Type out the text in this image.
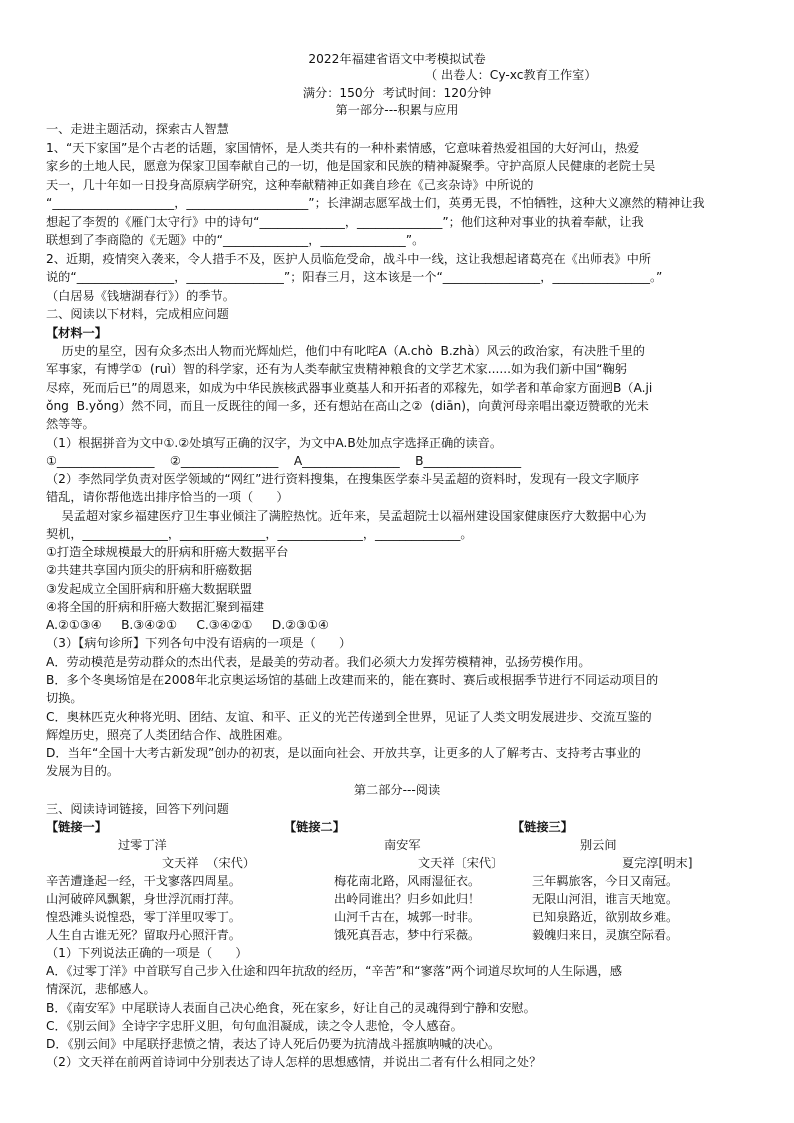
2022年福建省语文中考模拟试卷
（ 出卷人：Cy-xc教育工作室）
满分：150分  考试时间：120分钟
第一部分---积累与应用
一、走进主题活动，探索古人智慧
1、“天下家国”是个古老的话题，家国情怀，是人类共有的一种朴素情感，它意味着热爱祖国的大好河山，热爱
家乡的土地人民，愿意为保家卫国奉献自己的一切，他是国家和民族的精神凝聚季。守护高原人民健康的老院士吴
天一，几十年如一日投身高原病学研究，这种奉献精神正如龚自珍在《己亥杂诗》中所说的
“____________________，____________________”；长津湖志愿军战士们，英勇无畏，不怕牺牲，这种大义凛然的精神让我
想起了李贺的《雁门太守行》中的诗句“______________，______________”；他们这种对事业的执着奉献，让我
联想到了李商隐的《无题》中的“______________，______________”。
2、近期，疫情突入袭来，令人措手不及，医护人员临危受命，战斗中一线，这让我想起诸葛亮在《出师表》中所
说的“________________，________________”；阳春三月，这本该是一个“________________，________________。”
（白居易《钱塘湖春行》）的季节。
二、阅读以下材料，完成相应问题
【材料一】
历史的星空，因有众多杰出人物而光辉灿烂，他们中有叱咤A（A.chò  B.zhà）风云的政治家，有决胜千里的
军事家，有博学①  (ruì）智的科学家，还有为人类奉献宝贵精神粮食的文学艺术家......如为我们新中国“鞠躬
尽瘁，死而后已”的周恩来，如成为中华民族核武器事业奠基人和开拓者的邓稼先，如学者和革命家方面迥B（A.ji
ǒng  B.yǒng）然不同，而且一反既往的闻一多，还有想站在高山之②  (diān)，向黄河母亲唱出豪迈赞歌的光未
然等等。
（1）根据拼音为文中①.②处填写正确的汉字，为文中A.B处加点字选择正确的读音。
①________________    ②________________    A________________    B________________
（2）李然同学负责对医学领域的“网红”进行资料搜集，在搜集医学泰斗吴孟超的资料时，发现有一段文字顺序
错乱，请你帮他选出排序恰当的一项（      ）
吴孟超对家乡福建医疗卫生事业倾注了满腔热忱。近年来，吴孟超院士以福州建设国家健康医疗大数据中心为
契机，______________，______________，______________，______________。
①打造全球规模最大的肝病和肝癌大数据平台
②共建共享国内顶尖的肝病和肝癌数据
③发起成立全国肝病和肝癌大数据联盟
④将全国的肝病和肝癌大数据汇聚到福建
A.②①③④     B.③④②①     C.③④②①     D.②③①④
（3）【病句诊所】下列各句中没有语病的一项是（      ）
A．劳动模范是劳动群众的杰出代表，是最美的劳动者。我们必须大力发挥劳模精神，弘扬劳模作用。
B．多个冬奥场馆是在2008年北京奥运场馆的基础上改建而来的，能在赛时、赛后或根据季节进行不同运动项目的
切换。
C．奥林匹克火种将光明、团结、友谊、和平、正义的光芒传递到全世界，见证了人类文明发展进步、交流互鉴的
辉煌历史，照亮了人类团结合作、战胜困难。
D．当年“全国十大考古新发现”创办的初衷，是以面向社会、开放共享，让更多的人了解考古、支持考古事业的
发展为目的。
第二部分---阅读
三、阅读诗词链接，回答下列问题
【链接一】
过零丁洋
文天祥  （宋代）
辛苦遭逢起一经，干戈寥落四周星。
山河破碎风飘絮，身世浮沉雨打萍。
惶恐滩头说惶恐，零丁洋里叹零丁。
人生自古谁无死？留取丹心照汗青。
【链接二】
南安军
文天祥〔宋代〕
梅花南北路，风雨湿征衣。
出岭同谁出？归乡如此归！
山河千古在，城郭一时非。
饿死真吾志，梦中行采薇。
【链接三】
别云间
夏完淳[明末]
三年羁旅客，今日又南冠。
无限山河泪，谁言天地宽。
已知泉路近，欲别故乡难。
毅魄归来日，灵旗空际看。
（1）下列说法正确的一项是（      ）
A．《过零丁洋》中首联写自己步入仕途和四年抗敌的经历，“辛苦”和“寥落”两个词道尽坎坷的人生际遇，感
情深沉，悲郁感人。
B．《南安军》中尾联诗人表面自己决心绝食，死在家乡，好让自己的灵魂得到宁静和安慰。
C．《别云间》全诗字字忠肝义胆，句句血泪凝成，读之令人悲怆，令人感奋。
D．《别云间》中尾联抒悲愤之情，表达了诗人死后仍要为抗清战斗摇旗呐喊的决心。
（2）文天祥在前两首诗词中分别表达了诗人怎样的思想感情，并说出二者有什么相同之处？
